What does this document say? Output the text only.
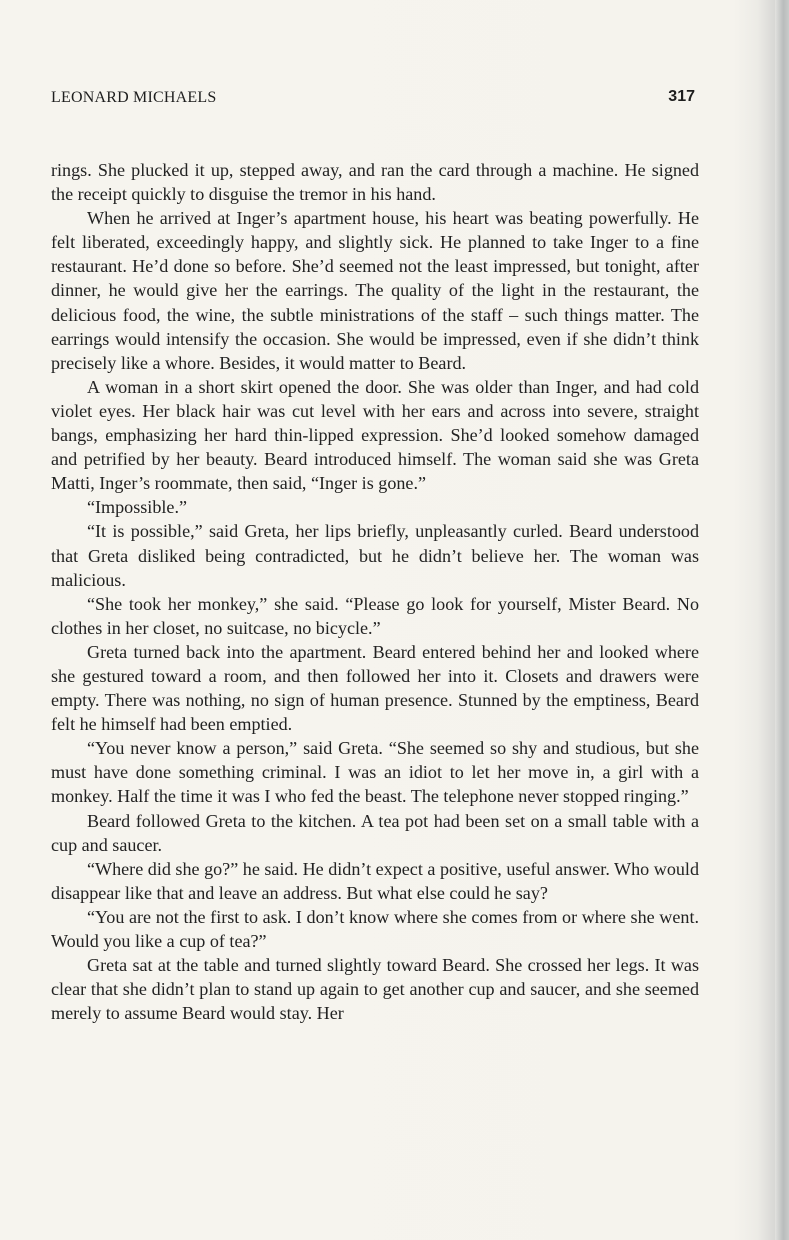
LEONARD MICHAELS	317

rings. She plucked it up, stepped away, and ran the card through a machine. He signed the receipt quickly to disguise the tremor in his hand.

When he arrived at Inger’s apartment house, his heart was beating powerfully. He felt liberated, exceedingly happy, and slightly sick. He planned to take Inger to a fine restaurant. He’d done so before. She’d seemed not the least impressed, but tonight, after dinner, he would give her the earrings. The quality of the light in the restaurant, the delicious food, the wine, the subtle ministrations of the staff – such things matter. The earrings would intensify the occasion. She would be impressed, even if she didn’t think precisely like a whore. Besides, it would matter to Beard.

A woman in a short skirt opened the door. She was older than Inger, and had cold violet eyes. Her black hair was cut level with her ears and across into severe, straight bangs, emphasizing her hard thin-lipped expression. She’d looked somehow damaged and petrified by her beauty. Beard introduced himself. The woman said she was Greta Matti, Inger’s roommate, then said, “Inger is gone.”

“Impossible.”

“It is possible,” said Greta, her lips briefly, unpleasantly curled. Beard understood that Greta disliked being contradicted, but he didn’t believe her. The woman was malicious.

“She took her monkey,” she said. “Please go look for yourself, Mister Beard. No clothes in her closet, no suitcase, no bicycle.”

Greta turned back into the apartment. Beard entered behind her and looked where she gestured toward a room, and then followed her into it. Closets and drawers were empty. There was nothing, no sign of human presence. Stunned by the emptiness, Beard felt he himself had been emptied.

“You never know a person,” said Greta. “She seemed so shy and studious, but she must have done something criminal. I was an idiot to let her move in, a girl with a monkey. Half the time it was I who fed the beast. The telephone never stopped ringing.”

Beard followed Greta to the kitchen. A tea pot had been set on a small table with a cup and saucer.

“Where did she go?” he said. He didn’t expect a positive, useful answer. Who would disappear like that and leave an address. But what else could he say?

“You are not the first to ask. I don’t know where she comes from or where she went. Would you like a cup of tea?”

Greta sat at the table and turned slightly toward Beard. She crossed her legs. It was clear that she didn’t plan to stand up again to get another cup and saucer, and she seemed merely to assume Beard would stay. Her
